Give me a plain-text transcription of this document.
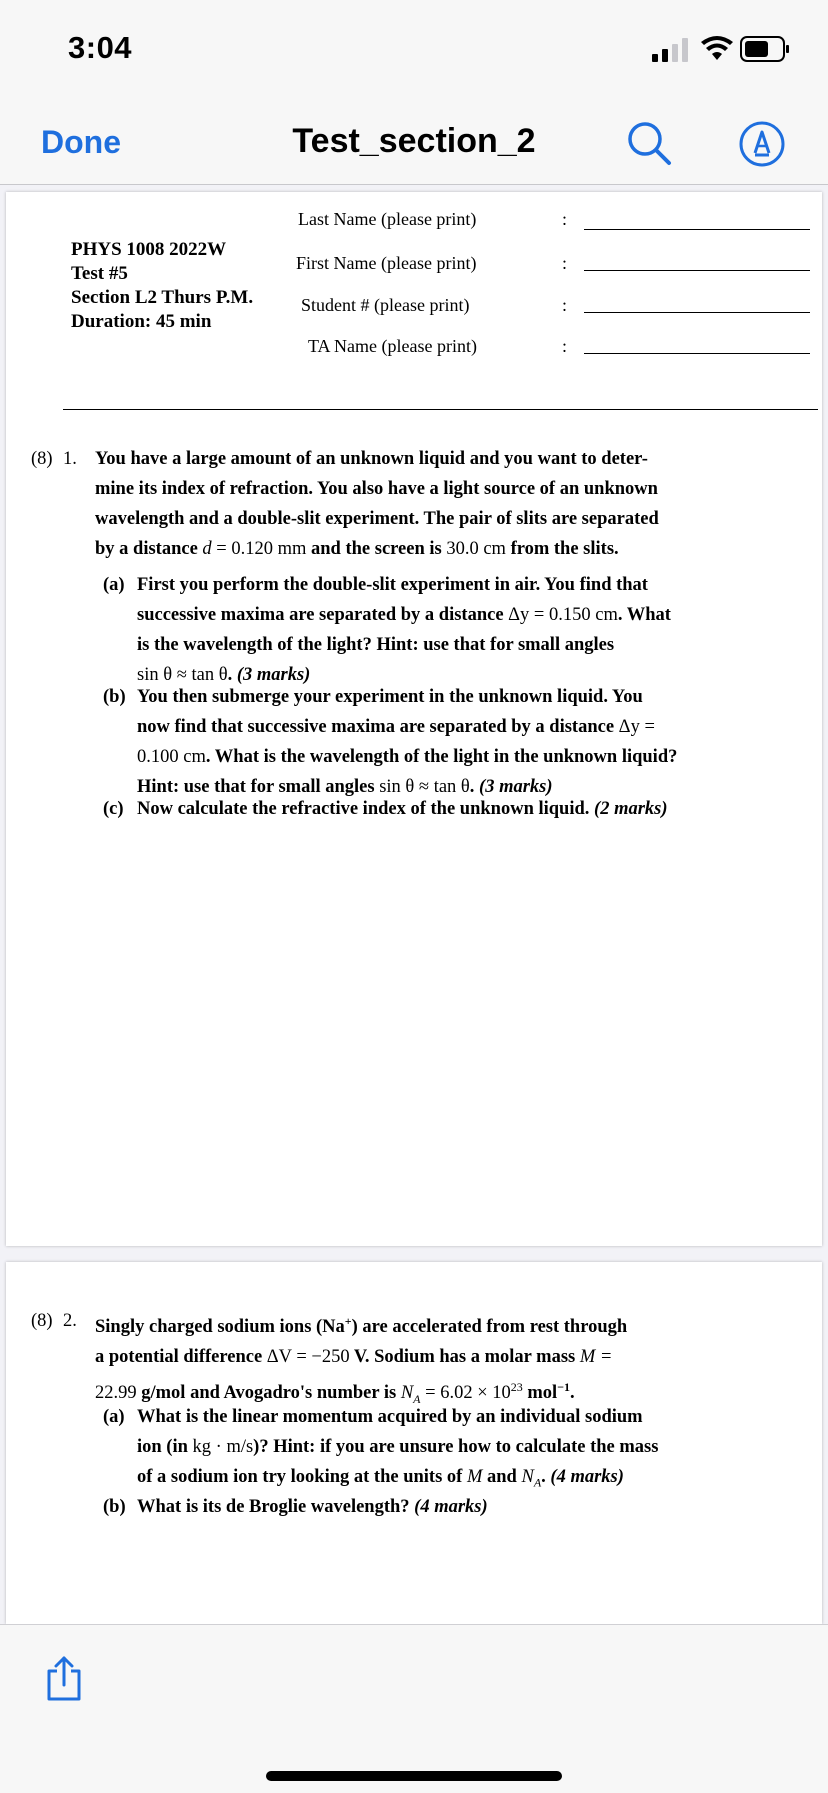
3:04
Done	Test_section_2
PHYS 1008 2022W
Test #5
Section L2 Thurs P.M.
Duration: 45 min
Last Name (please print)	:
First Name (please print)	:
Student # (please print)	:
TA Name (please print)	:
(8) 1. You have a large amount of an unknown liquid and you want to deter-
mine its index of refraction. You also have a light source of an unknown
wavelength and a double-slit experiment. The pair of slits are separated
by a distance d = 0.120 mm and the screen is 30.0 cm from the slits.
(a) First you perform the double-slit experiment in air. You find that
successive maxima are separated by a distance Δy = 0.150 cm. What
is the wavelength of the light? Hint: use that for small angles
sin θ ≈ tan θ. (3 marks)
(b) You then submerge your experiment in the unknown liquid. You
now find that successive maxima are separated by a distance Δy =
0.100 cm. What is the wavelength of the light in the unknown liquid?
Hint: use that for small angles sin θ ≈ tan θ. (3 marks)
(c) Now calculate the refractive index of the unknown liquid. (2 marks)
(8) 2. Singly charged sodium ions (Na+) are accelerated from rest through
a potential difference ΔV = −250 V. Sodium has a molar mass M =
22.99 g/mol and Avogadro's number is $N_A = 6.02 \times 10^{23}$ mol$^{-1}$.
(a) What is the linear momentum acquired by an individual sodium
ion (in kg · m/s)? Hint: if you are unsure how to calculate the mass
of a sodium ion try looking at the units of M and $N_A$. (4 marks)
(b) What is its de Broglie wavelength? (4 marks)
